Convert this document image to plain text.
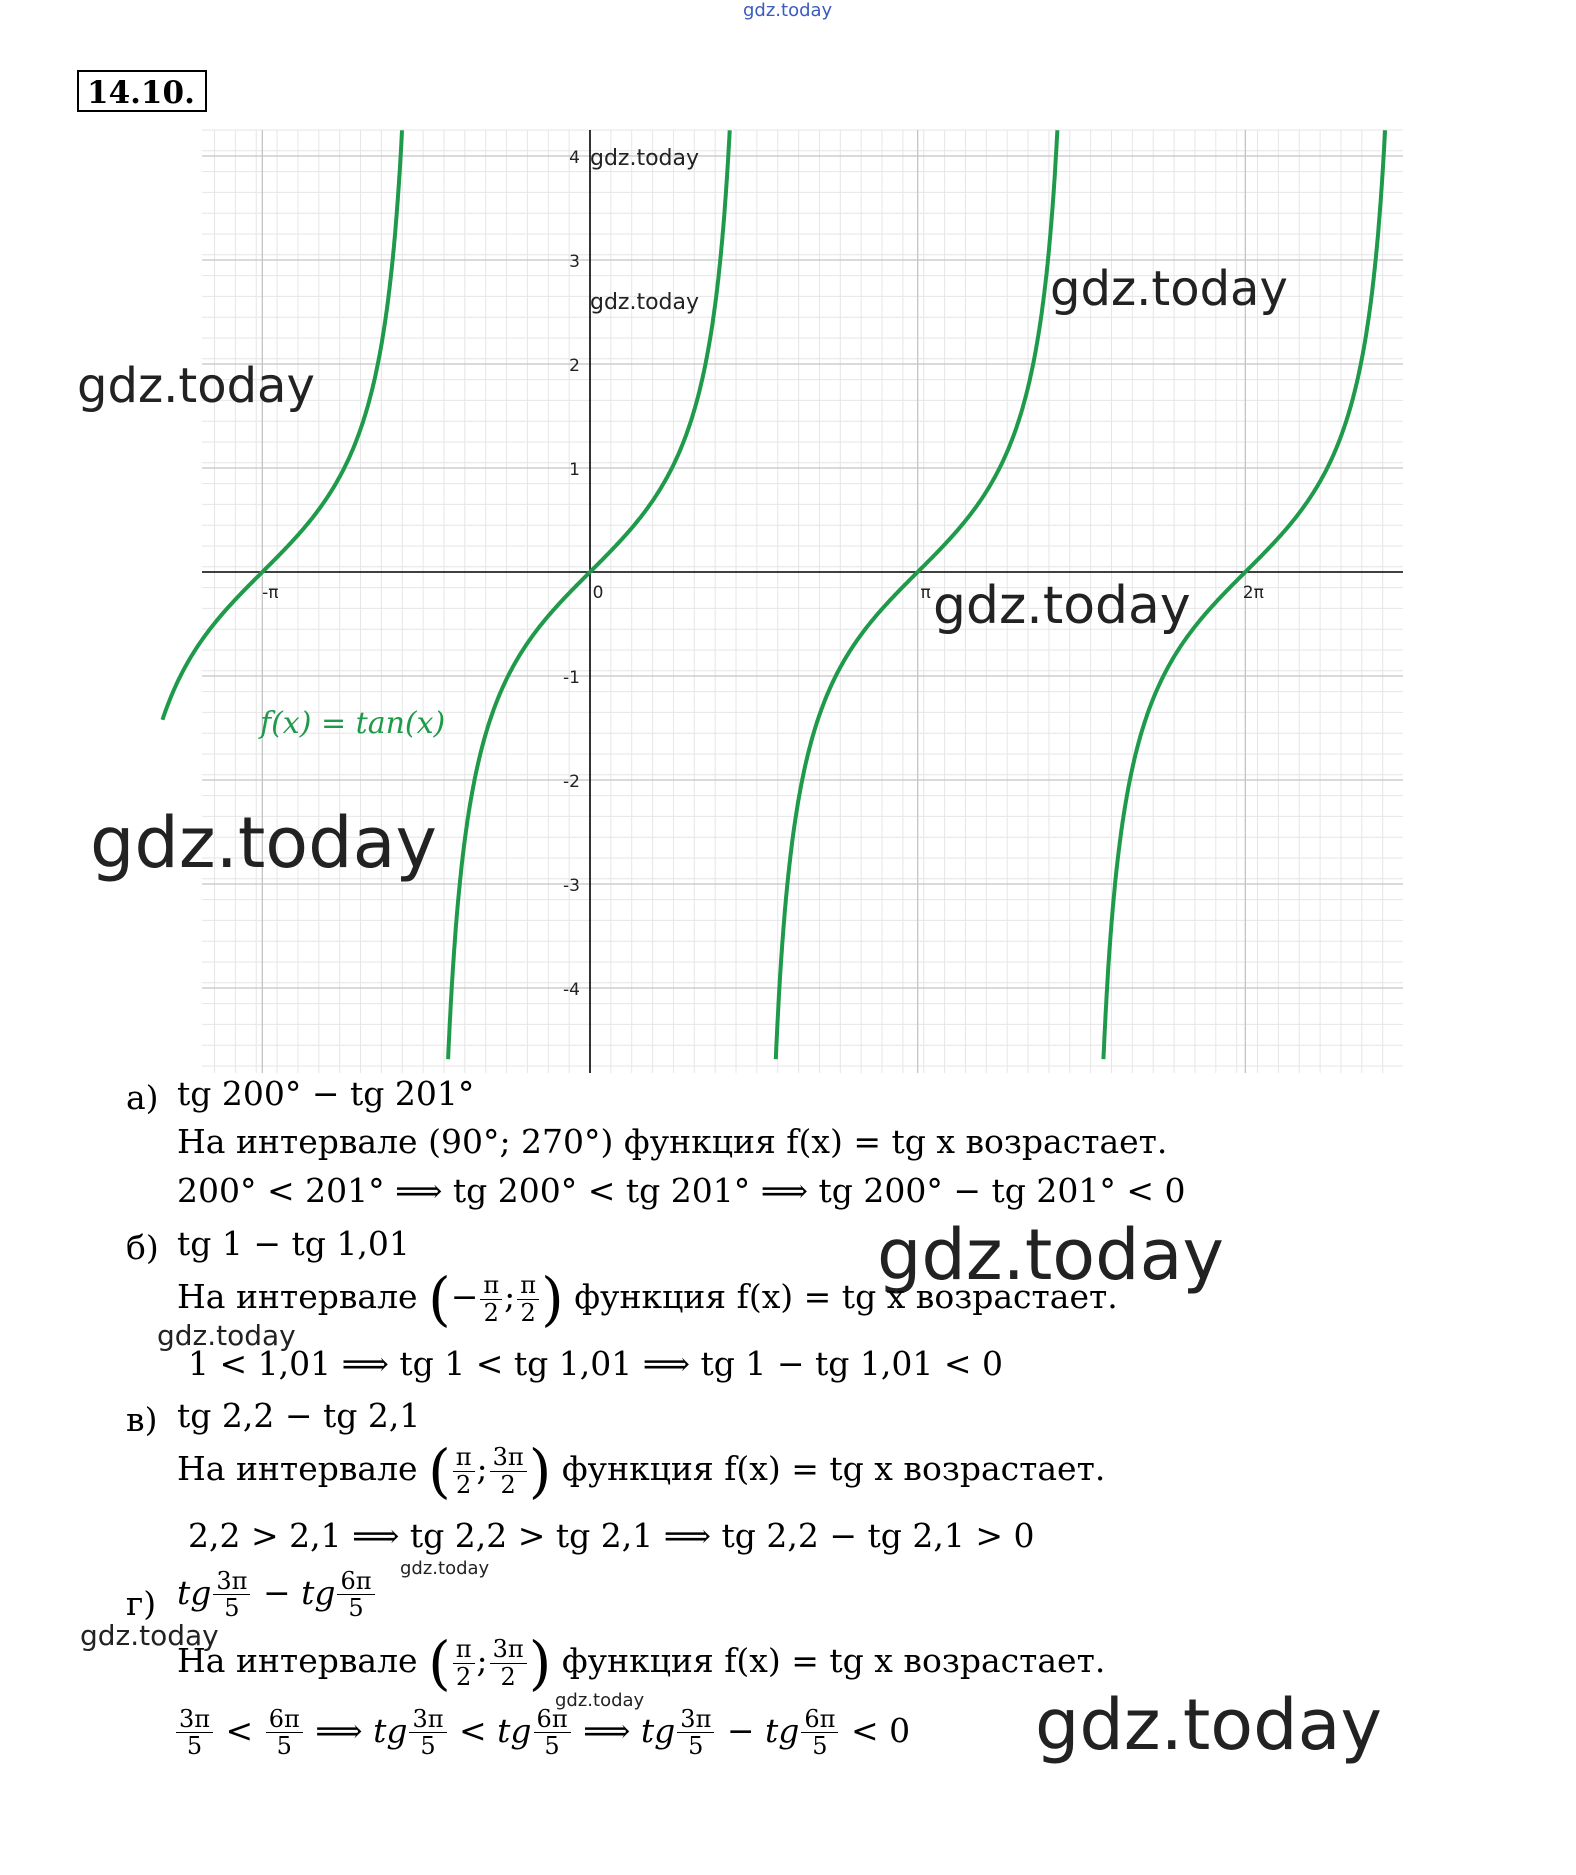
4
3
2
1
-1
-2
-3
-4
-π	0	π	2π
f(x) = tan(x)
gdz.today
gdz.today
gdz.today	gdz.today
gdz.today
gdz.today
gdz.today
gdz.today
gdz.today
gdz.today
gdz.today
gdz.today	gdz.today
14.10.
а) tg 200° − tg 201°
На интервале (90°; 270°) функция f(x) = tg x возрастает.
200° < 201° ⟹ tg 200° < tg 201° ⟹ tg 200° − tg 201° < 0
б) tg 1 − tg 1,01
На интервале (− $\frac{\pi}{2}$ ; $\frac{\pi}{2}$ ) функция f(x) = tg x возрастает.
1 < 1,01 ⟹ tg 1 < tg 1,01 ⟹ tg 1 − tg 1,01 < 0
в) tg 2,2 − tg 2,1
На интервале ( $\frac{\pi}{2}$ ; $\frac{3\pi}{2}$ ) функция f(x) = tg x возрастает.
2,2 > 2,1 ⟹ tg 2,2 > tg 2,1 ⟹ tg 2,2 − tg 2,1 > 0
г) tg $\frac{3\pi}{5}$ − tg $\frac{6\pi}{5}$
На интервале ( $\frac{\pi}{2}$ ; $\frac{3\pi}{2}$ ) функция f(x) = tg x возрастает.
$\frac{3\pi}{5} < \frac{6\pi}{5}$ ⟹ tg $\frac{3\pi}{5}$ < tg $\frac{6\pi}{5}$ ⟹ tg $\frac{3\pi}{5}$ − tg $\frac{6\pi}{5} < 0$
